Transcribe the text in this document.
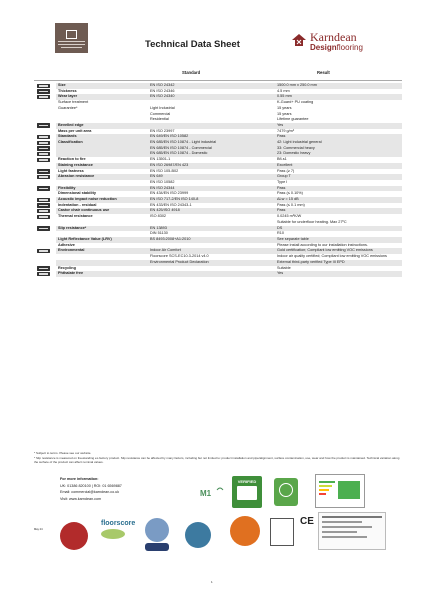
Technical Data Sheet
Karndean
Designflooring
Standard	Result
Size	EN ISO 24342	1500.0 mm x 250.0 mm
Thickness	EN ISO 24346	4.5 mm
Wear layer	EN ISO 24340	0.55 mm
Surface treatment	K-Guard+ PU coating
Guarantee*	Light Industrial	15 years
Commercial	15 years
Residential	Lifetime guarantee
Bevelled edge	Yes
Mass per unit area	EN ISO 23997	7479 g/m²
Standards	EN 649/EN ISO 10582	Pass
Classification	EN 685/EN ISO 10874 - Light industrial	42: Light industrial general
EN 685/EN ISO 10874 - Commercial	33: Commercial heavy
EN 685/EN ISO 10874 - Domestic	23: Domestic heavy
Reaction to fire	EN 13501-1	Bfl-s1
Staining resistance	EN ISO 26987/EN 423	Excellent
Light fastness	EN ISO 105-B02	Pass (≥ 7)
Abrasion resistance	EN 649	Group T
EN ISO 10582	Type I
Flexibility	EN ISO 24344	Pass
Dimensional stability	EN 434/EN ISO 23999	Pass (≤ 0.10%)
Acoustic impact noise reduction	EN ISO 717-2/EN ISO 140-8	ΔLw = 15 dB
Indentation - residual	EN 433/EN ISO 24343-1	Pass (≤ 0.1 mm)
Castor chair continuous use	EN 425/ISO 4918	Pass
Thermal resistance	ISO 8302	0.0245 m²K/W
Suitable for underfloor heating. Max 27ºC
Slip resistance*	EN 13893	DS
DIN 51130	R10
Light Reflectance Value (LRV)	BS 8493:2008+A1:2010	See separate table
Adhesive	Please install according to our installation instructions.
Environmental	Indoor Air Comfort	Gold certification; Compliant low emitting VOC emissions
Floorscore SCS-EC10.3-2014 v4.0	Indoor air quality certified; Compliant low emitting VOC emissions
Environmental Product Declaration	External third-party verified Type III EPD
Recycling	Suitable
Phthalate free	Yes
* Subject to terms. Please see our website.
* Slip resistance is measured on freestanding ex-factory product. Slip resistance can be affected by many factors, including but not limited to: product installation and pipe/alignment, surface contamination, use, wear and how the product is maintained. Technical variation along the surface of the product can affect nominal values.
For more information:
UK: 01386 820100 | ROI: 01 6569887
Email: commercial@karndean.co.uk
Visit: www.karndean.com
M1
VERIFIED
May 24
floorscore	CE
1
